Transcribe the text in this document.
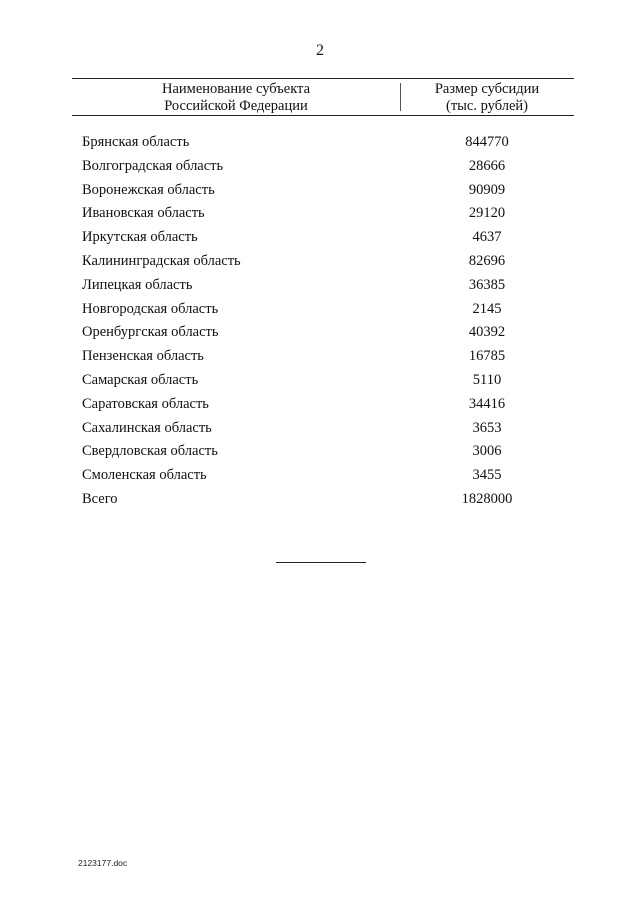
2
Наименование субъекта
Российской Федерации
Размер субсидии
(тыс. рублей)
Брянская область	844770
Волгоградская область	28666
Воронежская область	90909
Ивановская область	29120
Иркутская область	4637
Калининградская область	82696
Липецкая область	36385
Новгородская область	2145
Оренбургская область	40392
Пензенская область	16785
Самарская область	5110
Саратовская область	34416
Сахалинская область	3653
Свердловская область	3006
Смоленская область	3455
Всего	1828000
2123177.doc
